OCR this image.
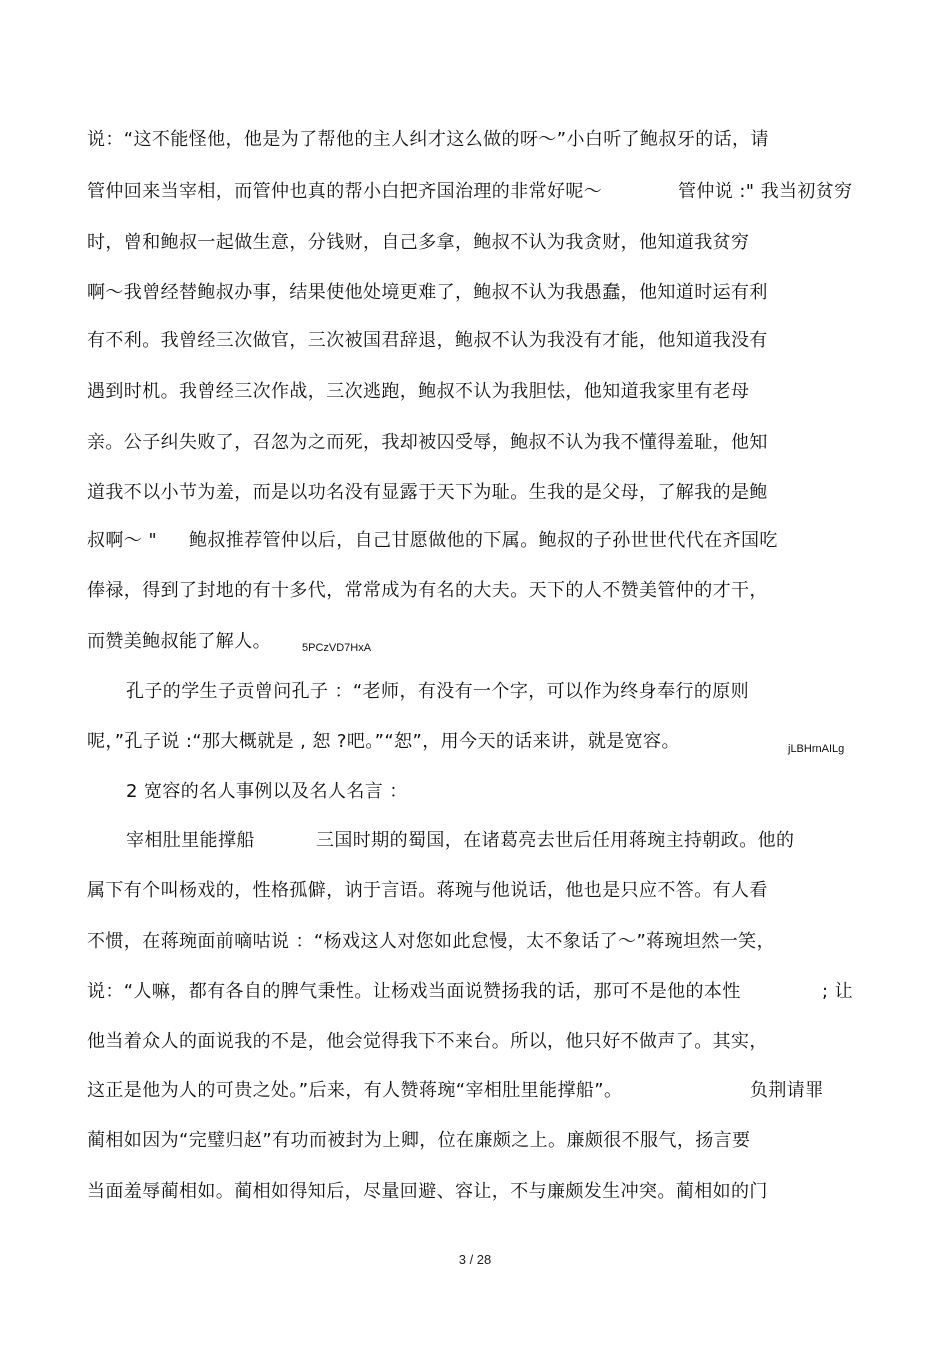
说：“这不能怪他，他是为了帮他的主人纠才这么做的呀～”小白听了鲍叔牙的话，请
管仲回来当宰相，而管仲也真的帮小白把齐国治理的非常好呢～	管仲说 :" 我当初贫穷
时，曾和鲍叔一起做生意，分钱财，自己多拿，鲍叔不认为我贪财，他知道我贫穷
啊～我曾经替鲍叔办事，结果使他处境更难了，鲍叔不认为我愚蠢，他知道时运有利
有不利。我曾经三次做官，三次被国君辞退，鲍叔不认为我没有才能，他知道我没有
遇到时机。我曾经三次作战，三次逃跑，鲍叔不认为我胆怯，他知道我家里有老母
亲。公子纠失败了，召忽为之而死，我却被囚受辱，鲍叔不认为我不懂得羞耻，他知
道我不以小节为羞，而是以功名没有显露于天下为耻。生我的是父母，了解我的是鲍
叔啊～ " 鲍叔推荐管仲以后，自己甘愿做他的下属。鲍叔的子孙世世代代在齐国吃
俸禄，得到了封地的有十多代，常常成为有名的大夫。天下的人不赞美管仲的才干，
而赞美鲍叔能了解人。	5PCzVD7HxA
孔子的学生子贡曾问孔子 ：“老师，有没有一个字，可以作为终身奉行的原则
呢，”孔子说 :“那大概就是 , 恕 ?吧。”“恕”，用今天的话来讲，就是宽容。	jLBHrnAILg
2 宽容的名人事例以及名人名言 ：
宰相肚里能撑船	三国时期的蜀国，在诸葛亮去世后任用蒋琬主持朝政。他的
属下有个叫杨戏的，性格孤僻，讷于言语。蒋琬与他说话，他也是只应不答。有人看
不惯，在蒋琬面前嘀咕说 ：“杨戏这人对您如此怠慢，太不象话了～”蒋琬坦然一笑，
说：“人嘛，都有各自的脾气秉性。让杨戏当面说赞扬我的话，那可不是他的本性	; 让
他当着众人的面说我的不是，他会觉得我下不来台。所以，他只好不做声了。其实，
这正是他为人的可贵之处。”后来，有人赞蒋琬“宰相肚里能撑船”。	负荆请罪
蔺相如因为“完璧归赵”有功而被封为上卿，位在廉颇之上。廉颇很不服气，扬言要
当面羞辱蔺相如。蔺相如得知后，尽量回避、容让，不与廉颇发生冲突。蔺相如的门
3 / 28
